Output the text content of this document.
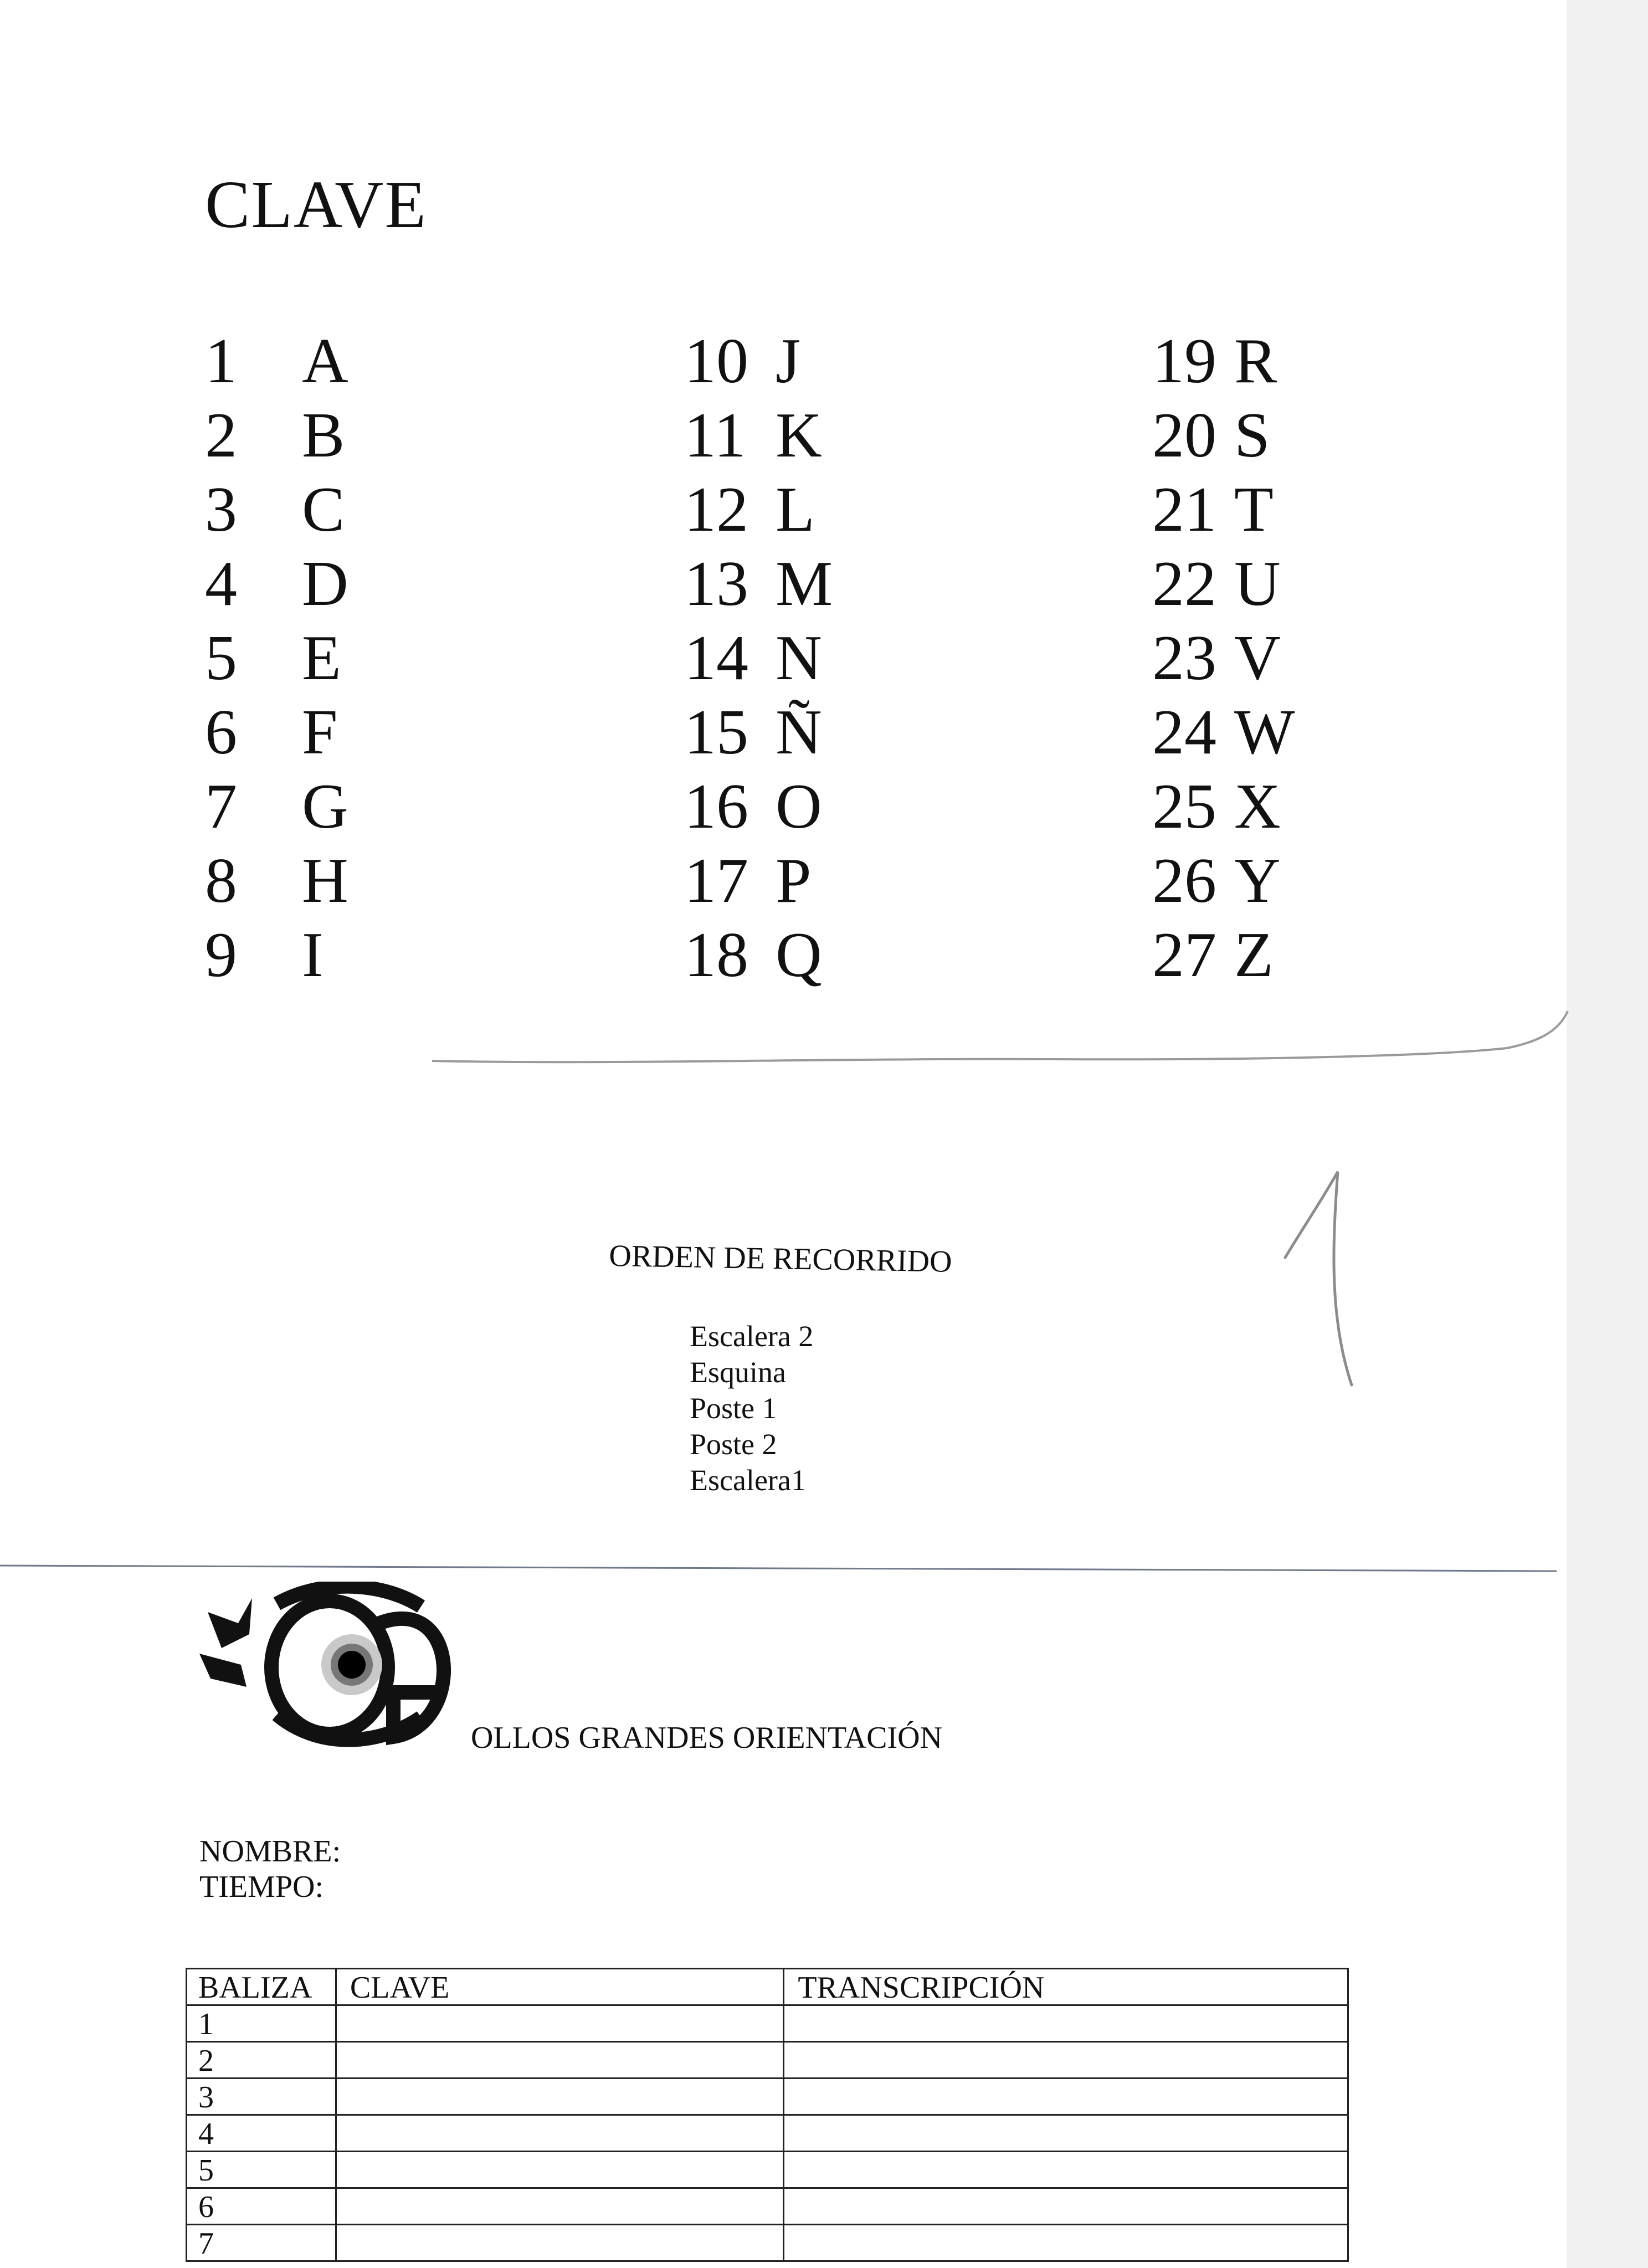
CLAVE
1 A
2 B
3 C
4 D
5 E
6 F
7 G
8 H
9 I
10 J
11 K
12 L
13 M
14 N
15 Ñ
16 O
17 P
18 Q
19 R
20 S
21 T
22 U
23 V
24 W
25 X
26 Y
27 Z
ORDEN DE RECORRIDO
Escalera 2
Esquina
Poste 1
Poste 2
Escalera1
OLLOS GRANDES ORIENTACIÓN
NOMBRE:
TIEMPO:
BALIZA	CLAVE	TRANSCRIPCIÓN
1		
2		
3		
4		
5		
6		
7		
